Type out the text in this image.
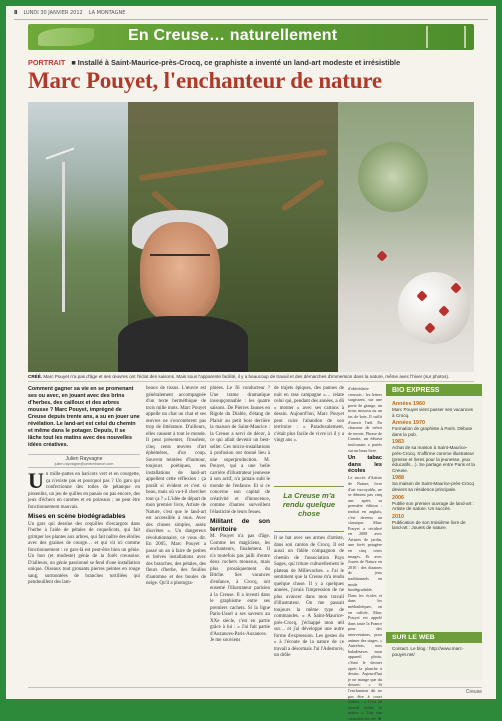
8 LUNDI 30 JANVIER 2012 LA MONTAGNE
En Creuse… naturellement
PORTRAIT ■ Installé à Saint-Maurice-près-Crocq, ce graphiste a inventé un land-art modeste et irrésistible
Marc Pouyet, l'enchanteur de nature
CRÉÉ. Marc Pouyet n'a pas d'âge et ses œuvres ont l'éclat des saisons. Mais sous l'apparente facilité, il y a beaucoup de travail et des démarches d'immersion dans la nature, même avec l'hiver (sur photos).
Comment gagner sa vie en se promenant ses ou avec, en jouant avec des brins d'herbes, des cailloux et des arbres mousse ? Marc Pouyet, imprégné de Creuse depuis trente ans, a su en jouer une révélation. Le land-art est celui du chemin et même dans le potager. Depuis, il se lâche tout les matins avec des nouvelles idées créatives.
Julien Rayvagne
julien.rayvagne@centrefrance.com
U n mille-pattes en haricots vert et en courgette, ça n'existe pas et pourquoi pas ? Un gars qui confectionne des toiles de pétanque en pissenlits, un jeu de quilles en panais ou pas encore, des jeux d'échecs en carottes et en poireaux ; ne peut être fonctionnement mauvais.
Mises en scène biodégradables
Un gars qui dessine des coquilles d'escargots dans l'herbe à l'aide de pétales de coquelicots, qui fait grimper les plantes aux arbres, qui fait naître des étoiles avec des graines de courge… et qui vit ici comme fonctionnement : ce gars-là est peut-être bien un génie. Un bon (et modeste) génie de la forêt creusoise. D'ailleurs, un génie passionné se fend d'une installation unique. Oiseaux tout gronants pierres peintes en rouge sang, surmontées de branches tortillées qui pendouillent des lam-
beaux de tissus. L'œuvre est généralement accompagnée d'un texte herméthique de trois mille mots. Marc Pouyet appelle un chat un chat et ses œuvres ne s'encombrent pas trop de littérature. D'ailleurs, elles causent à tout le monde. Il peut présenter, l'insolent, cinq cents œuvres d'art éphémères, d'un coup. Souvent teintées d'humour, toujours poétiques, ses installations de land-art appellent cette réflexion : ça paraît si évident et c'est si beau, mais où va-t-il chercher tout ça ? « L'idée de départ de mon premier livre, Artiste de Nature, c'est que le land-art est accessible à tous. Avec des choses simples, assez discrètes ». Un dangereux révolutionnaire, ce vous dit. En 2005, Marc Pouyet a passé un an à faire de petites et brèves installations avec des branches, des pétales, des fleurs d'herbe, des feuilles d'automne et des boules de neige. Qu'il a photogra-
phiées. Le fil conducteur ? Une trame dramatique insoupçonnable : les quatre saisons. De Pierres Jaunes en Rigole du Diable, d'étang de Plaisir au petit bois derrière la maison de Saint-Maurice : la Creuse a servi de décor, à ce qui allait devenir un best-seller. Ces micro-installations à profusion ont donné lieu à une superproduction. M. Pouyet, qui a une belle carrière d'illustrateur jeunesse à son actif, n'a jamais subi le monde de l'enfance. Et si ce concerne son capital de créativité et d'innocence, comme d'autres surveillent l'élasticité de leurs fesses.
Militant de son territoire
M. Pouyet n'a pas d'âge. Comme les magiciens, les enchanteurs, finalement. Il n'a toutefois pas jailli d'entre deux rochers moussus, mais plus prosaïquement du Bitche. Ses vacances d'enfance, à Crocq, ont ensemé l'illustrateur parisien à la Creuse. Il a investi dans le graphisme entre ses premiers cachets. Si la ligne Paris-Ussel a ses saveurs au XXe siècle, c'est en partie grâce à lui : « J'ai fait partie d'Auzances-Paris-Auzances. Je me souviens
de trajets épiques, des pannes de nuit en rase campagne »… relate celui qui, pendant des années, a dû « monter » avec ses cartons à dessin. Aujourd'hui, Marc Pouyet peut cuire l'abandon de son territoire : « Paradoxalement, c'était plus facile de vivre ici il y a vingt ans ».
La Creuse m'a rendu quelque chose
Il se bat avec ses armes d'artiste, dans son canton de Crocq. Il est aussi un fidèle compagnon de chemin de l'association Pays Sages, qui triture culturellement le plateau de Millevaches. « J'ai le sentiment que la Creuse m'a rendu quelque chose. Il y a quelques années, j'avais l'impression de ne plus avancer dans mon travail d'illustrateur. On me passait toujours la même type de commandes. « A Saint-Maurice-près-Crocq, j'échappé mon œil sur… et j'ai développé une autre forme d'expression. Les gestes du » à l'écoute de la nature de ce travail a désormais J'ai l'Adestorre, un drôle
d'abécédaire creusois : les lettres surgissent, sur une porte de grange, un tronc moussu ou un tas de bois. Il suffit d'ouvrir l'œil. En chasseur de trésor de terroir, Phrase de Carotte, un éditeur toulousain a pariés sur un beau livre.
Un tabac dans les écoles
Le succès d'Artiste de Nature, livre d'art incroyable, ne se dément pas cinq ans après sa première édition : traduit en anglais, c'est devenu un classique. Marc Pouyet a récidivé en 2008 avec Artistes de jardin, une forêt potagère en cinq cents images. Et avec Jouets de Nature en 2010 : des dizaines de jeux traditionnels en mode biodégradable. Dans les écoles et dans les médiathèques, on en raffole. Marc Pouyet est appelé dans toute la France pour des interventions, pour animer des stages. « Autrefois, mes baladesavec mon appareil photo, c'était le dessert après la planche à dessin. Aujourd'hui je ne mange que du dessert. » Si l'enchanteur dit ne pas être à court d'idées : « C'est un monde infini, la nature ». Une star creusoise est née. ■
BIO EXPRESS
Années 1960
Marc Pouyet vient passer ses vacances à Crocq.
Années 1970
Formation de graphiste à Paris. Débute dans la pub.
1983
Achat de sa maison à Saint-Maurice-près-Crocq. S'affirme comme illustrateur (presse et livres pour la jeunesse, jeux éducatifs…). Se partage entre Paris et la Creuse.
1988
Sa maison de Saint-Maurice-près-Crocq devient sa résidence principale.
2006
Publie son premier ouvrage de land-art : Artiste de nature. Un succès.
2010
Publication de son troisième livre de land-art : Jouets de nature.
SUR LE WEB
Contact. Le blog : http://www.marc-pouyet.net/
Creuse
